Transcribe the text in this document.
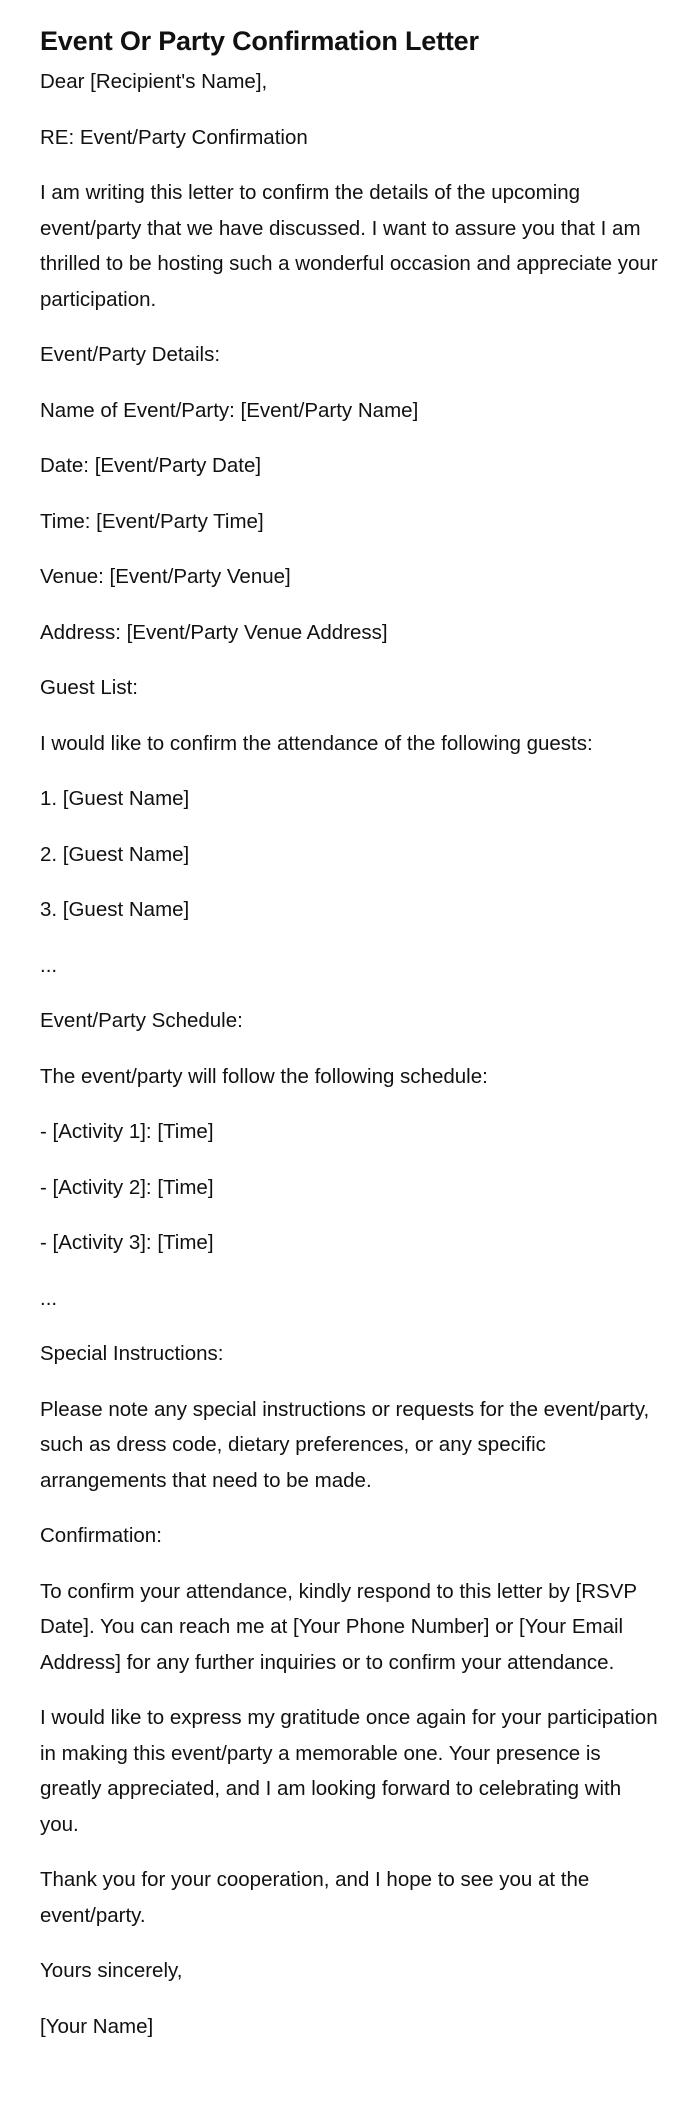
Event Or Party Confirmation Letter

Dear [Recipient's Name],

RE: Event/Party Confirmation

I am writing this letter to confirm the details of the upcoming event/party that we have discussed. I want to assure you that I am thrilled to be hosting such a wonderful occasion and appreciate your participation.

Event/Party Details:

Name of Event/Party: [Event/Party Name]

Date: [Event/Party Date]

Time: [Event/Party Time]

Venue: [Event/Party Venue]

Address: [Event/Party Venue Address]

Guest List:

I would like to confirm the attendance of the following guests:

1. [Guest Name]

2. [Guest Name]

3. [Guest Name]

...

Event/Party Schedule:

The event/party will follow the following schedule:

- [Activity 1]: [Time]

- [Activity 2]: [Time]

- [Activity 3]: [Time]

...

Special Instructions:

Please note any special instructions or requests for the event/party, such as dress code, dietary preferences, or any specific arrangements that need to be made.

Confirmation:

To confirm your attendance, kindly respond to this letter by [RSVP Date]. You can reach me at [Your Phone Number] or [Your Email Address] for any further inquiries or to confirm your attendance.

I would like to express my gratitude once again for your participation in making this event/party a memorable one. Your presence is greatly appreciated, and I am looking forward to celebrating with you.

Thank you for your cooperation, and I hope to see you at the event/party.

Yours sincerely,

[Your Name]
